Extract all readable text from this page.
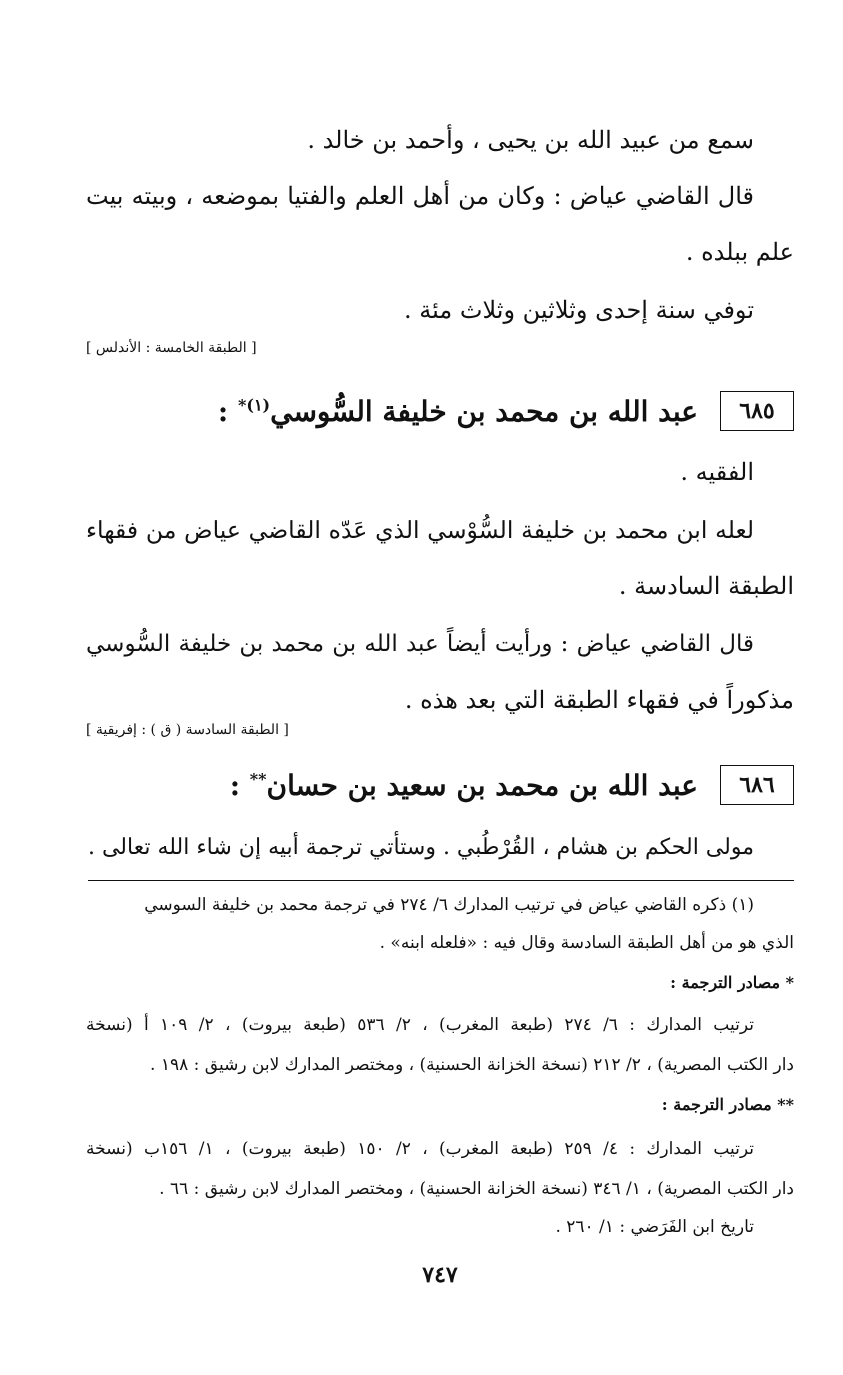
سمع من عبيد الله بن يحيى ، وأحمد بن خالد .
قال القاضي عياض : وكان من أهل العلم والفتيا بموضعه ، وبيته بيت
علم ببلده .
توفي سنة إحدى وثلاثين وثلاث مئة .
[ الطبقة الخامسة : الأندلس ]
٦٨٥
عبد الله بن محمد بن خليفة السُّوسي$^{(١)*}$ :
الفقيه .
لعله ابن محمد بن خليفة السُّوْسي الذي عَدّه القاضي عياض من فقهاء
الطبقة السادسة .
قال القاضي عياض : ورأيت أيضاً عبد الله بن محمد بن خليفة السُّوسي
مذكوراً في فقهاء الطبقة التي بعد هذه .
[ الطبقة السادسة ( ق ) : إفريقية ]
٦٨٦
عبد الله بن محمد بن سعيد بن حسان** :
مولى الحكم بن هشام ، القُرْطُبي . وستأتي ترجمة أبيه إن شاء الله تعالى .
(١) ذكره القاضي عياض في ترتيب المدارك ٦/ ٢٧٤ في ترجمة محمد بن خليفة السوسي
الذي هو من أهل الطبقة السادسة وقال فيه : «فلعله ابنه» .
* مصادر الترجمة :
ترتيب المدارك : ٦/ ٢٧٤ (طبعة المغرب) ، ٢/ ٥٣٦ (طبعة بيروت) ، ٢/ ١٠٩ أ (نسخة
دار الكتب المصرية) ، ٢/ ٢١٢ (نسخة الخزانة الحسنية) ، ومختصر المدارك لابن رشيق : ١٩٨ .
** مصادر الترجمة :
ترتيب المدارك : ٤/ ٢٥٩ (طبعة المغرب) ، ٢/ ١٥٠ (طبعة بيروت) ، ١/ ١٥٦ب (نسخة
دار الكتب المصرية) ، ١/ ٣٤٦ (نسخة الخزانة الحسنية) ، ومختصر المدارك لابن رشيق : ٦٦ .
تاريخ ابن الفَرَضي : ١/ ٢٦٠ .
٧٤٧
